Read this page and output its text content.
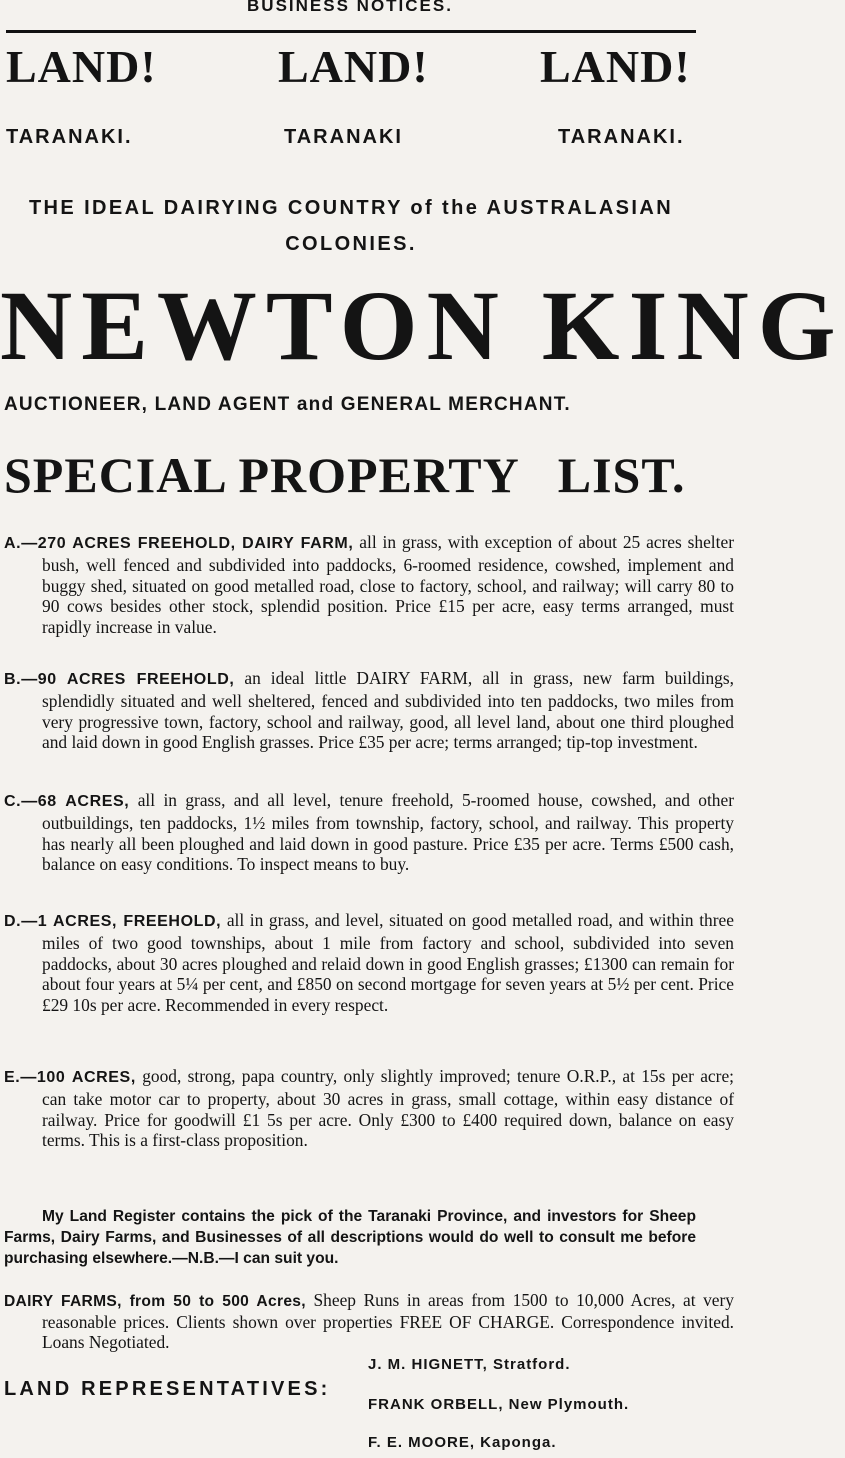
BUSINESS NOTICES.
LAND!	LAND! LAND!
TARANAKI.	TARANAKI	TARANAKI.
THE IDEAL DAIRYING COUNTRY of the AUSTRALASIAN COLONIES.
NEWTON KING
AUCTIONEER, LAND AGENT and GENERAL MERCHANT.
SPECIAL PROPERTY LIST.
A.—270 ACRES FREEHOLD, DAIRY FARM, all in grass, with exception of about 25 acres shelter bush, well fenced and subdivided into paddocks, 6-roomed residence, cowshed, implement and buggy shed, situated on good metalled road, close to factory, school, and railway; will carry 80 to 90 cows besides other stock, splendid position. Price £15 per acre, easy terms arranged, must rapidly increase in value.
B.—90 ACRES FREEHOLD, an ideal little DAIRY FARM, all in grass, new farm buildings, splendidly situated and well sheltered, fenced and subdivided into ten paddocks, two miles from very progressive town, factory, school and railway, good, all level land, about one third ploughed and laid down in good English grasses. Price £35 per acre; terms arranged; tip-top investment.
C.—68 ACRES, all in grass, and all level, tenure freehold, 5-roomed house, cowshed, and other outbuildings, ten paddocks, 1½ miles from township, factory, school, and railway. This property has nearly all been ploughed and laid down in good pasture. Price £35 per acre. Terms £500 cash, balance on easy conditions. To inspect means to buy.
D.—1 ACRES, FREEHOLD, all in grass, and level, situated on good metalled road, and within three miles of two good townships, about 1 mile from factory and school, subdivided into seven paddocks, about 30 acres ploughed and relaid down in good English grasses; £1300 can remain for about four years at 5¼ per cent, and £850 on second mortgage for seven years at 5½ per cent. Price £29 10s per acre. Recommended in every respect.
E.—100 ACRES, good, strong, papa country, only slightly improved; tenure O.R.P., at 15s per acre; can take motor car to property, about 30 acres in grass, small cottage, within easy distance of railway. Price for goodwill £1 5s per acre. Only £300 to £400 required down, balance on easy terms. This is a first-class proposition.
My Land Register contains the pick of the Taranaki Province, and investors for Sheep Farms, Dairy Farms, and Businesses of all descriptions would do well to consult me before purchasing elsewhere.—N.B.—I can suit you.
DAIRY FARMS, from 50 to 500 Acres, Sheep Runs in areas from 1500 to 10,000 Acres, at very reasonable prices. Clients shown over properties FREE OF CHARGE. Correspondence invited. Loans Negotiated.
LAND REPRESENTATIVES:
J. M. HIGNETT, Stratford.
FRANK ORBELL, New Plymouth.
F. E. MOORE, Kaponga.
